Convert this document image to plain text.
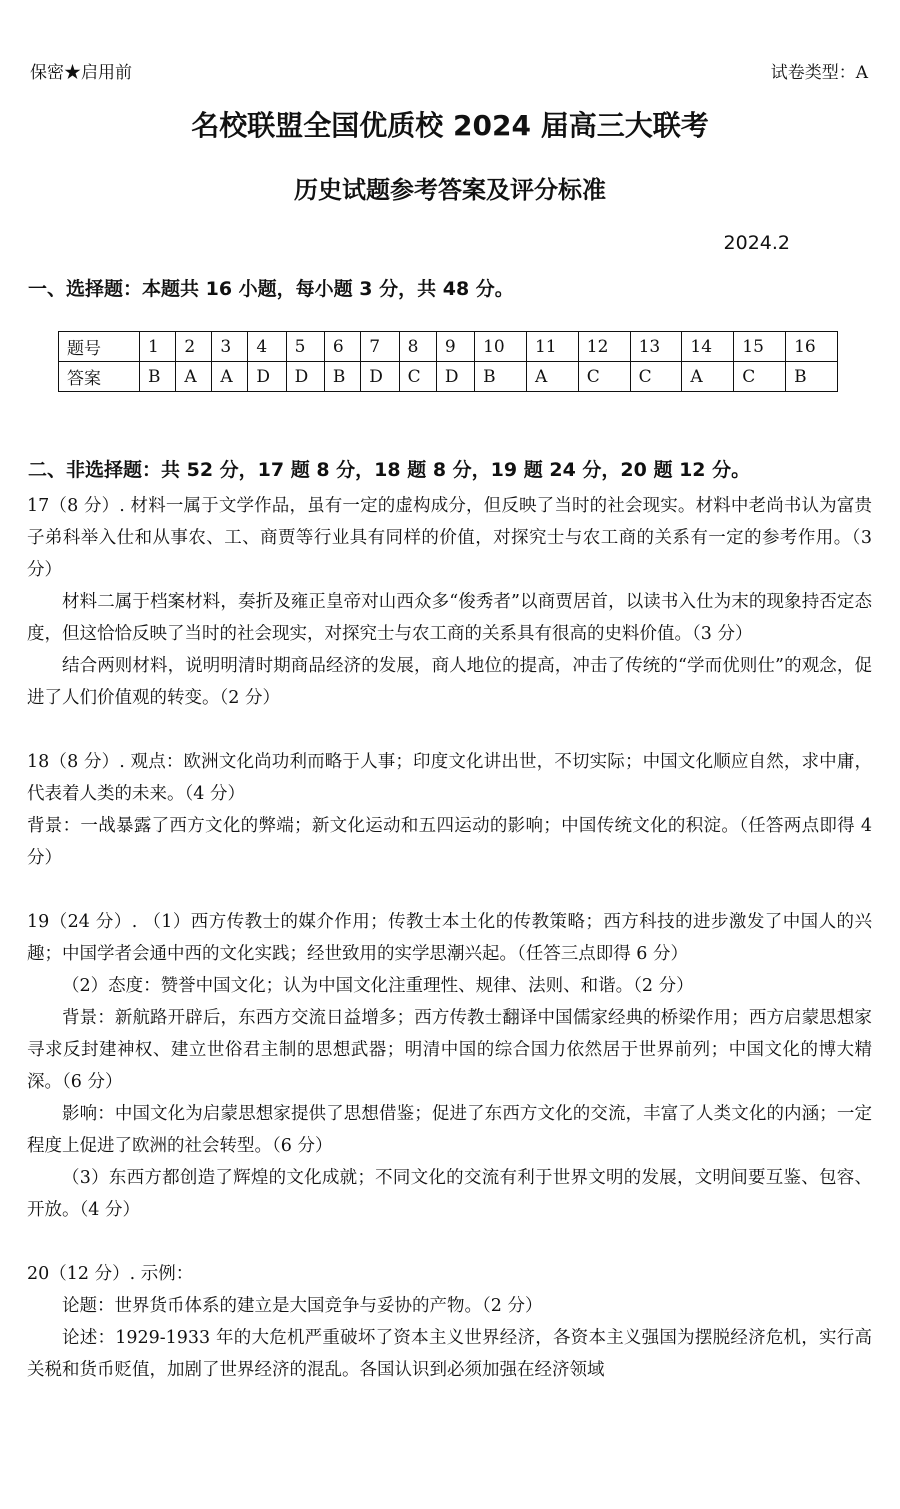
保密★启用前	试卷类型：A
名校联盟全国优质校 2024 届高三大联考
历史试题参考答案及评分标准
2024.2
一、选择题：本题共 16 小题，每小题 3 分，共 48 分。
题号	1	2	3	4	5	6	7	8	9	10	11	12	13	14	15	16
答案	B	A	A	D	D	B	D	C	D	B	A	C	C	A	C	B
二、非选择题：共 52 分，17 题 8 分，18 题 8 分，19 题 24 分，20 题 12 分。

17（8 分）. 材料一属于文学作品，虽有一定的虚构成分，但反映了当时的社会现实。材料中老尚书认为富贵子弟科举入仕和从事农、工、商贾等行业具有同样的价值，对探究士与农工商的关系有一定的参考作用。（3 分）

材料二属于档案材料，奏折及雍正皇帝对山西众多“俊秀者”以商贾居首，以读书入仕为末的现象持否定态度，但这恰恰反映了当时的社会现实，对探究士与农工商的关系具有很高的史料价值。（3 分）

结合两则材料，说明明清时期商品经济的发展，商人地位的提高，冲击了传统的“学而优则仕”的观念，促进了人们价值观的转变。（2 分）

18（8 分）. 观点：欧洲文化尚功利而略于人事；印度文化讲出世，不切实际；中国文化顺应自然，求中庸，代表着人类的未来。（4 分）

背景：一战暴露了西方文化的弊端；新文化运动和五四运动的影响；中国传统文化的积淀。（任答两点即得 4 分）

19（24 分）. （1）西方传教士的媒介作用；传教士本土化的传教策略；西方科技的进步激发了中国人的兴趣；中国学者会通中西的文化实践；经世致用的实学思潮兴起。（任答三点即得 6 分）

（2）态度：赞誉中国文化；认为中国文化注重理性、规律、法则、和谐。（2 分）

背景：新航路开辟后，东西方交流日益增多；西方传教士翻译中国儒家经典的桥梁作用；西方启蒙思想家寻求反封建神权、建立世俗君主制的思想武器；明清中国的综合国力依然居于世界前列；中国文化的博大精深。（6 分）

影响：中国文化为启蒙思想家提供了思想借鉴；促进了东西方文化的交流，丰富了人类文化的内涵；一定程度上促进了欧洲的社会转型。（6 分）

（3）东西方都创造了辉煌的文化成就；不同文化的交流有利于世界文明的发展，文明间要互鉴、包容、开放。（4 分）

20（12 分）. 示例：

论题：世界货币体系的建立是大国竞争与妥协的产物。（2 分）

论述：1929-1933 年的大危机严重破坏了资本主义世界经济，各资本主义强国为摆脱经济危机，实行高关税和货币贬值，加剧了世界经济的混乱。各国认识到必须加强在经济领域
